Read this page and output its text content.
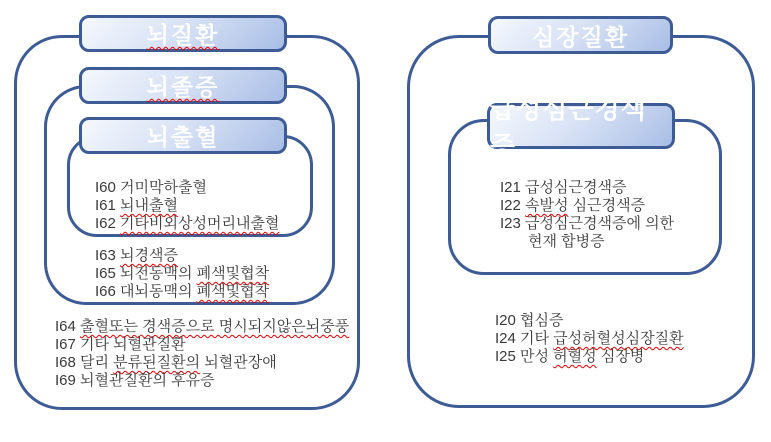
뇌질환
뇌졸증
뇌출혈
심장질환
급성심근경색증
I60 거미막하출혈
I61 뇌내출혈
I62 기타비외상성머리내출혈
I63 뇌경색증
I65 뇌전동맥의 폐색및협착
I66 대뇌동맥의 폐색및협착
I64 출혈또는 경색증으로 명시되지않은뇌중풍
I67 기타 뇌혈관질환
I68 달리 분류된질환의 뇌혈관장애
I69 뇌혈관질환의 후유증
I21 급성심근경색증
I22 속발성 심근경색증
I23 급성심근경색증에 의한
현재 합병증
I20 협심증
I24 기타 급성허혈성심장질환
I25 만성 허혈성 심장병
